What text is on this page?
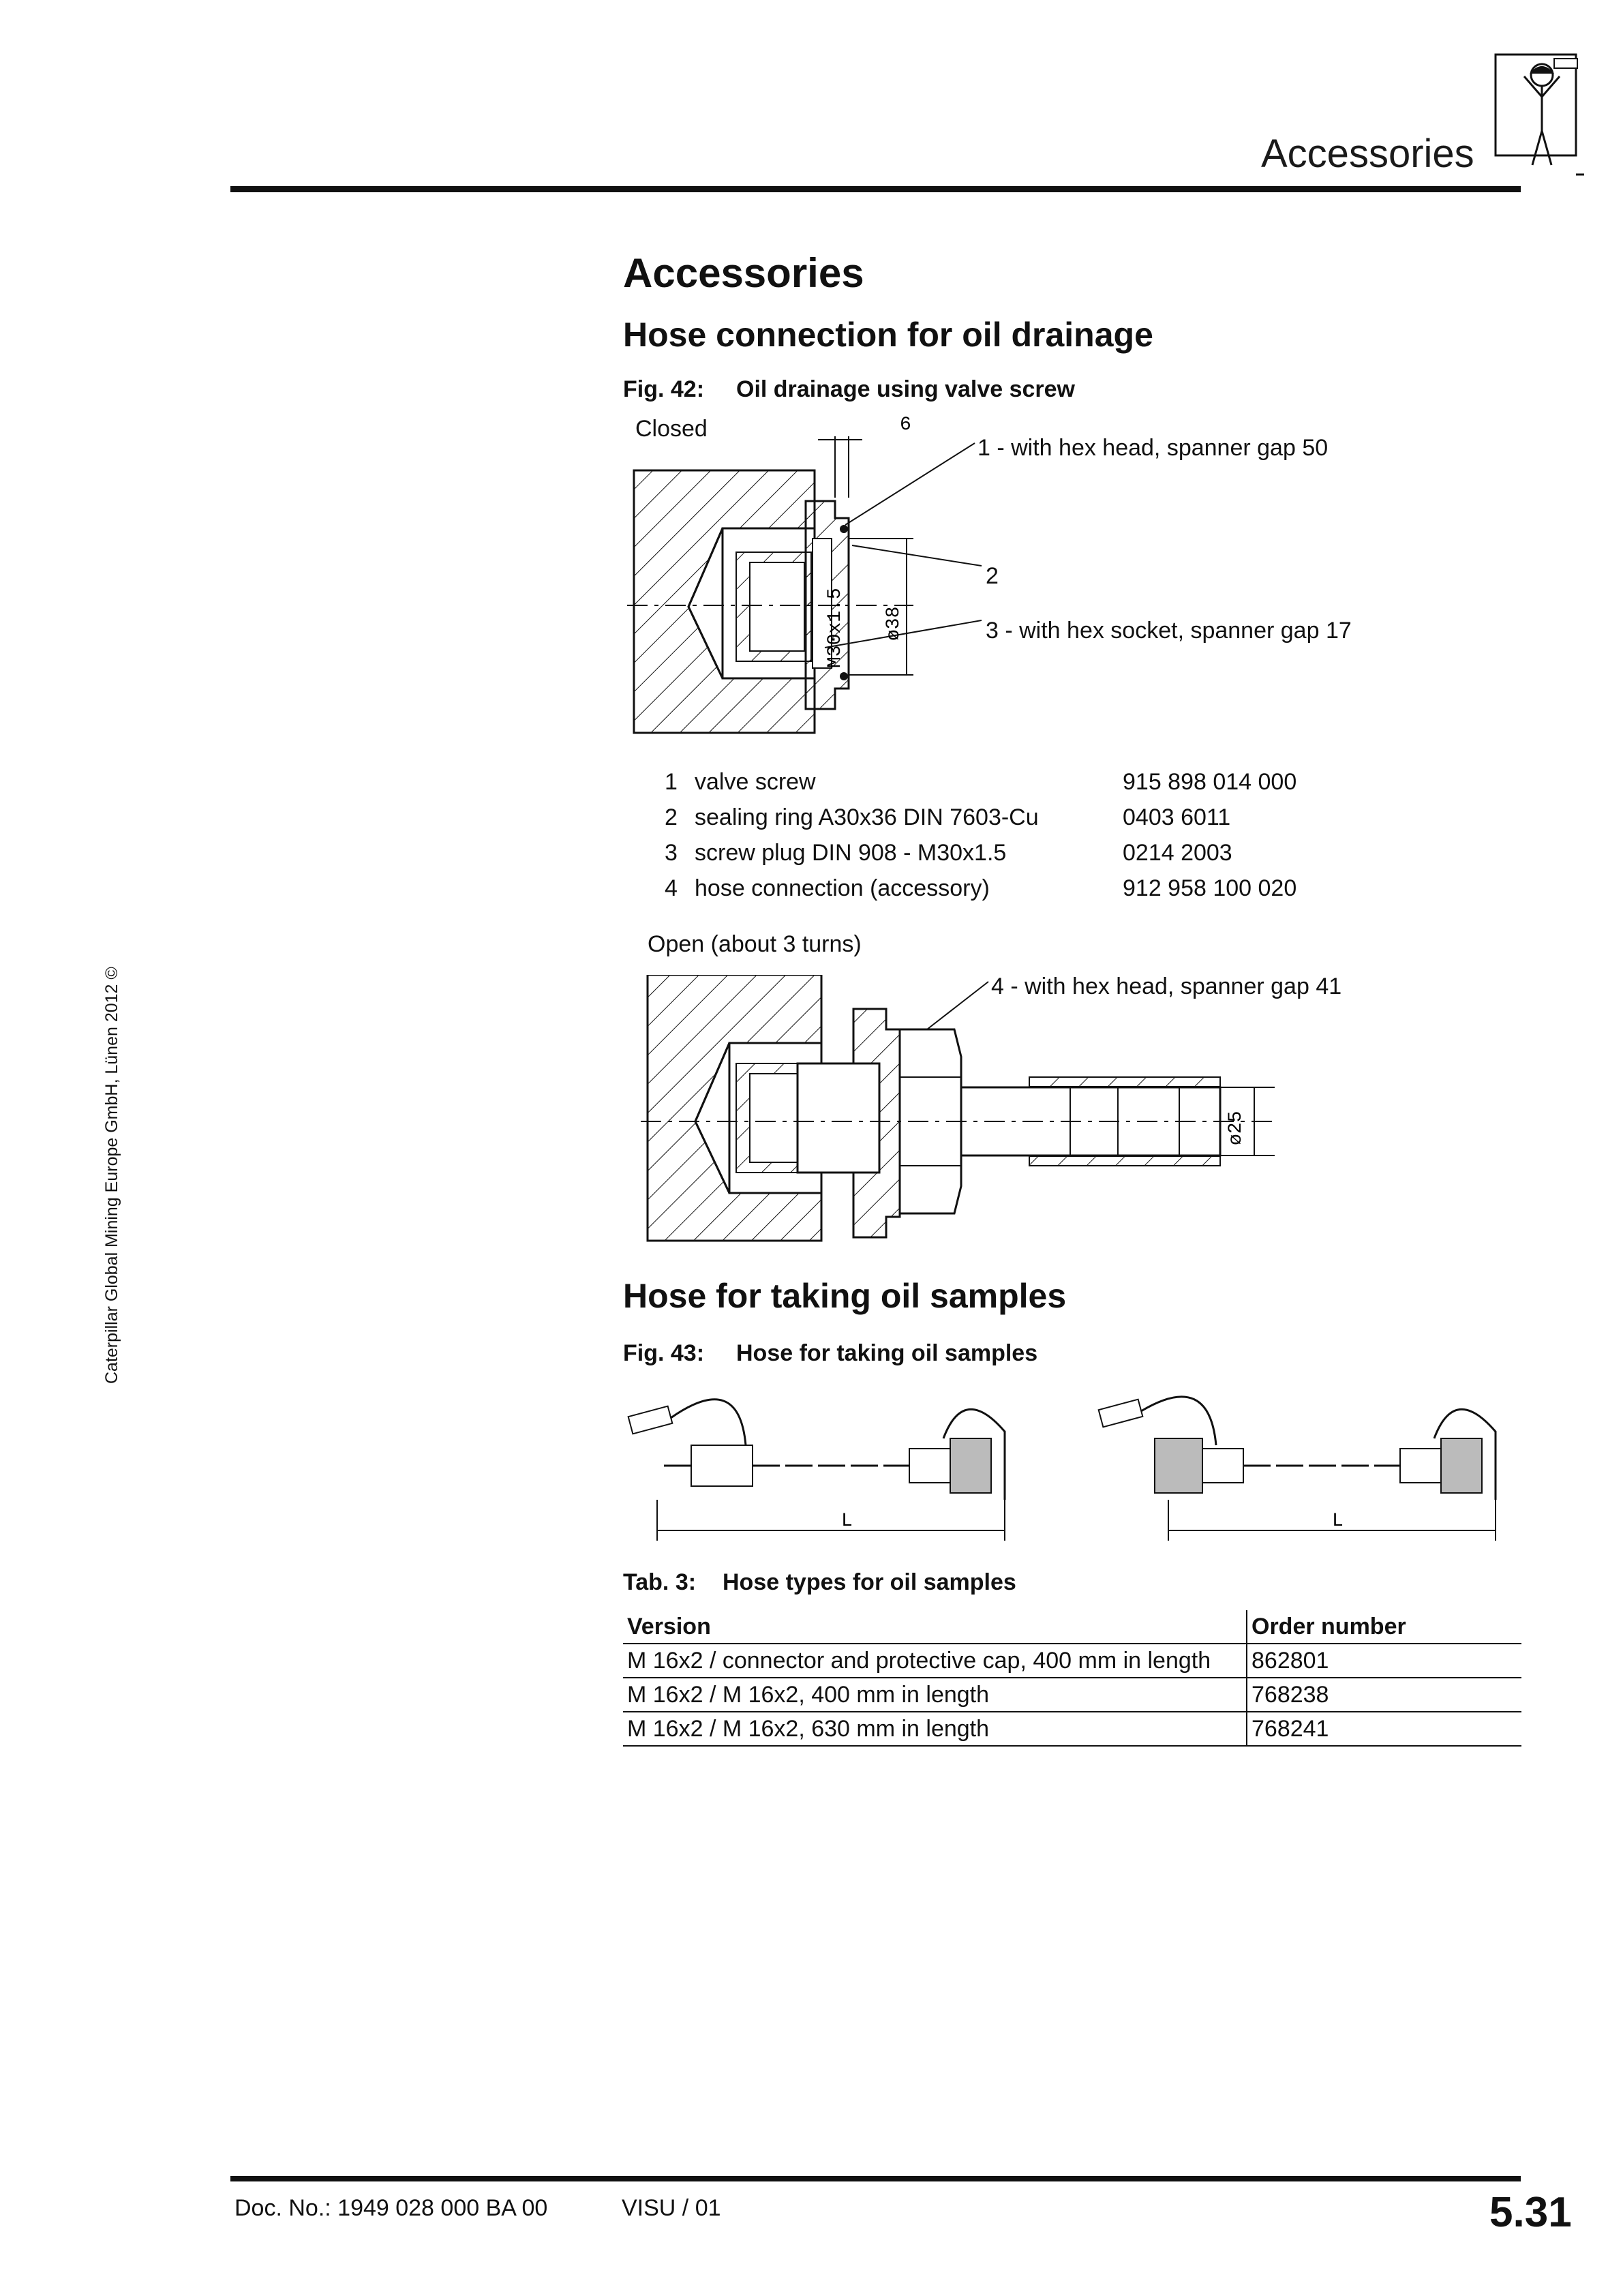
Accessories
Caterpillar Global Mining Europe GmbH, Lünen 2012 ©
Accessories
Hose connection for oil drainage
Fig. 42: Oil drainage using valve screw
Closed
1 - with hex head, spanner gap 50
2
3 - with hex socket, spanner gap 17
6
M30x1.5 ø38
1	valve screw	915 898 014 000
2	sealing ring A30x36 DIN 7603-Cu	0403 6011
3	screw plug DIN 908 - M30x1.5	0214 2003
4	hose connection (accessory)	912 958 100 020
Open (about 3 turns)
4 - with hex head, spanner gap 41
ø25
Hose for taking oil samples
Fig. 43: Hose for taking oil samples
L	L
Tab. 3: Hose types for oil samples
Version	Order number
M 16x2 / connector and protective cap, 400 mm in length	862801
M 16x2 / M 16x2, 400 mm in length	768238
M 16x2 / M 16x2, 630 mm in length	768241
Doc. No.: 1949 028 000 BA 00	VISU / 01	5.31
